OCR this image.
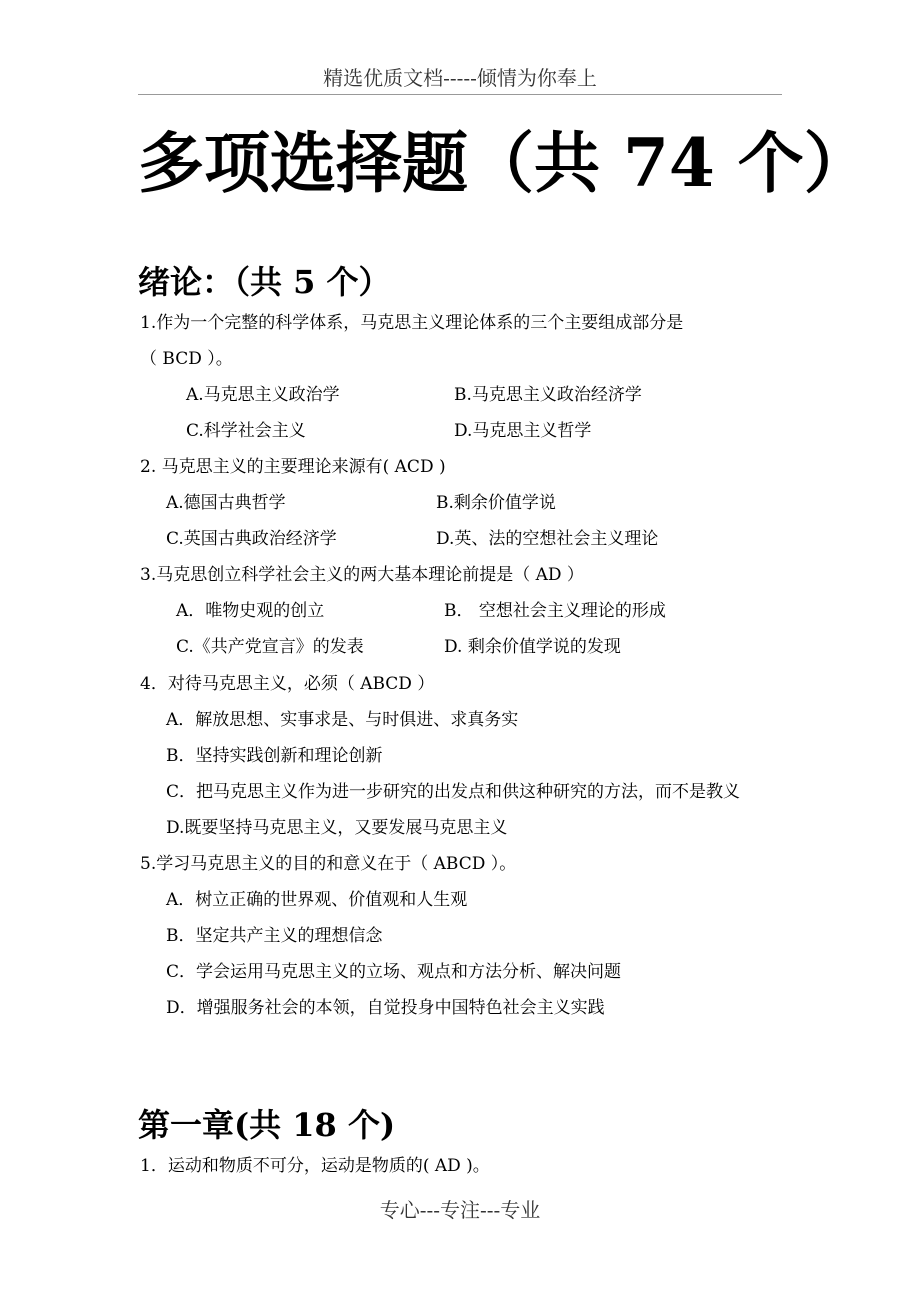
精选优质文档-----倾情为你奉上
多项选择题（共 74 个）
绪论：（共 5 个）
1.作为一个完整的科学体系，马克思主义理论体系的三个主要组成部分是
（ BCD ）。
A.马克思主义政治学	B.马克思主义政治经济学
C.科学社会主义	D.马克思主义哲学
2. 马克思主义的主要理论来源有( ACD )
A.德国古典哲学	B.剩余价值学说
C.英国古典政治经济学	D.英、法的空想社会主义理论
3.马克思创立科学社会主义的两大基本理论前提是（ AD ）
A．唯物史观的创立	B． 空想社会主义理论的形成
C.《共产党宣言》的发表	D. 剩余价值学说的发现
4．对待马克思主义，必须（ ABCD ）
A．解放思想、实事求是、与时俱进、求真务实
B．坚持实践创新和理论创新
C．把马克思主义作为进一步研究的出发点和供这种研究的方法，而不是教义
D.既要坚持马克思主义，又要发展马克思主义
5.学习马克思主义的目的和意义在于（ ABCD ）。
A．树立正确的世界观、价值观和人生观
B．坚定共产主义的理想信念
C．学会运用马克思主义的立场、观点和方法分析、解决问题
D．增强服务社会的本领，自觉投身中国特色社会主义实践
第一章(共 18 个)
1．运动和物质不可分，运动是物质的( AD )。
专心---专注---专业
